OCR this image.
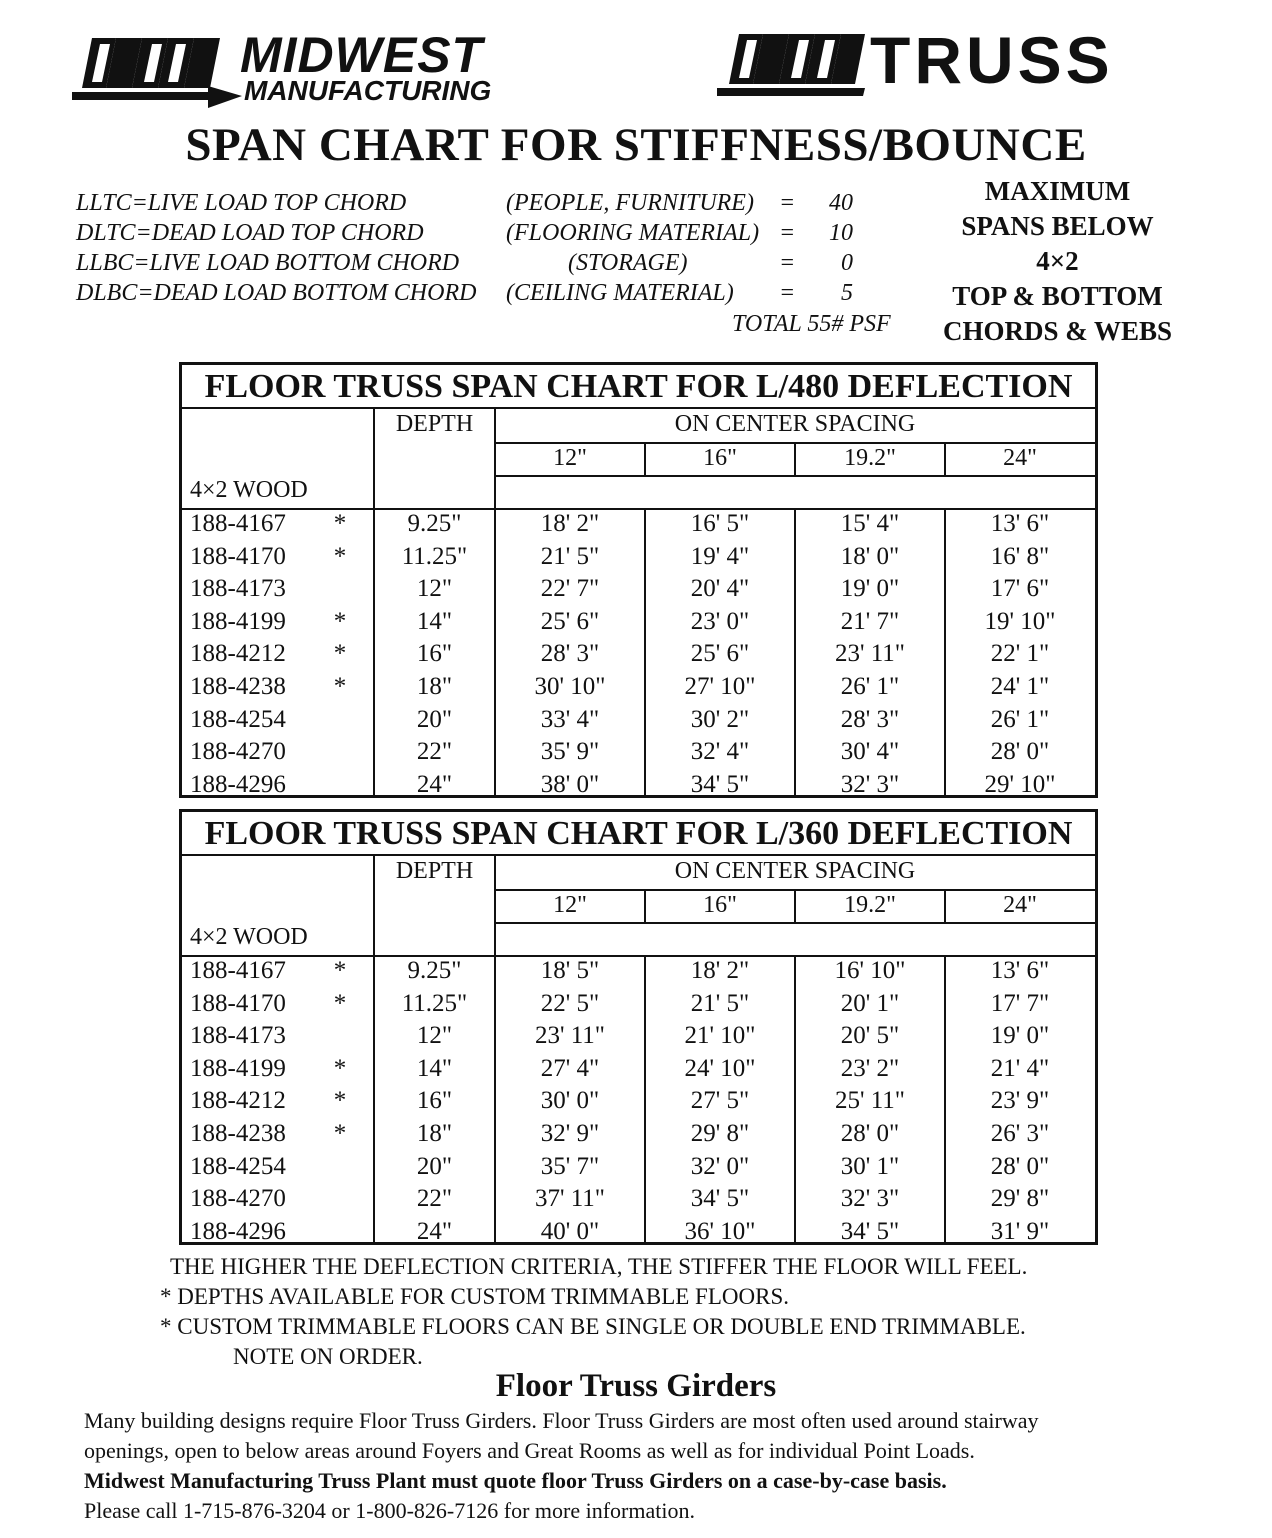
MIDWEST
MANUFACTURING	TRUSS
SPAN CHART FOR STIFFNESS/BOUNCE
LLTC=LIVE LOAD TOP CHORD	(PEOPLE, FURNITURE) =	40
DLTC=DEAD LOAD TOP CHORD	(FLOORING MATERIAL) =	10
LLBC=LIVE LOAD BOTTOM CHORD	(STORAGE)	=	0
DLBC=DEAD LOAD BOTTOM CHORD (CEILING MATERIAL) =	5
TOTAL 55# PSF
MAXIMUM
SPANS BELOW
4×2
TOP & BOTTOM
CHORDS & WEBS
FLOOR TRUSS SPAN CHART FOR L/480 DEFLECTION
DEPTH	ON CENTER SPACING
4×2 WOOD
12"	16"	19.2"	24"
188-4167 *	9.25"	18' 2"	16' 5"	15' 4"	13' 6"
188-4170 *	11.25"	21' 5"	19' 4"	18' 0"	16' 8"
188-4173	12"	22' 7"	20' 4"	19' 0"	17' 6"
188-4199 *	14"	25' 6"	23' 0"	21' 7"	19' 10"
188-4212 *	16"	28' 3"	25' 6"	23' 11"	22' 1"
188-4238 *	18"	30' 10"	27' 10"	26' 1"	24' 1"
188-4254	20"	33' 4"	30' 2"	28' 3"	26' 1"
188-4270	22"	35' 9"	32' 4"	30' 4"	28' 0"
188-4296	24"	38' 0"	34' 5"	32' 3"	29' 10"
FLOOR TRUSS SPAN CHART FOR L/360 DEFLECTION
DEPTH	ON CENTER SPACING
4×2 WOOD
12"	16"	19.2"	24"
188-4167 *	9.25"	18' 5"	18' 2"	16' 10"	13' 6"
188-4170 *	11.25"	22' 5"	21' 5"	20' 1"	17' 7"
188-4173	12"	23' 11"	21' 10"	20' 5"	19' 0"
188-4199 *	14"	27' 4"	24' 10"	23' 2"	21' 4"
188-4212 *	16"	30' 0"	27' 5"	25' 11"	23' 9"
188-4238 *	18"	32' 9"	29' 8"	28' 0"	26' 3"
188-4254	20"	35' 7"	32' 0"	30' 1"	28' 0"
188-4270	22"	37' 11"	34' 5"	32' 3"	29' 8"
188-4296	24"	40' 0"	36' 10"	34' 5"	31' 9"
THE HIGHER THE DEFLECTION CRITERIA, THE STIFFER THE FLOOR WILL FEEL.
* DEPTHS AVAILABLE FOR CUSTOM TRIMMABLE FLOORS.
* CUSTOM TRIMMABLE FLOORS CAN BE SINGLE OR DOUBLE END TRIMMABLE.
NOTE ON ORDER.
Floor Truss Girders
Many building designs require Floor Truss Girders. Floor Truss Girders are most often used around stairway
openings, open to below areas around Foyers and Great Rooms as well as for individual Point Loads.
Midwest Manufacturing Truss Plant must quote floor Truss Girders on a case-by-case basis.
Please call 1-715-876-3204 or 1-800-826-7126 for more information.
